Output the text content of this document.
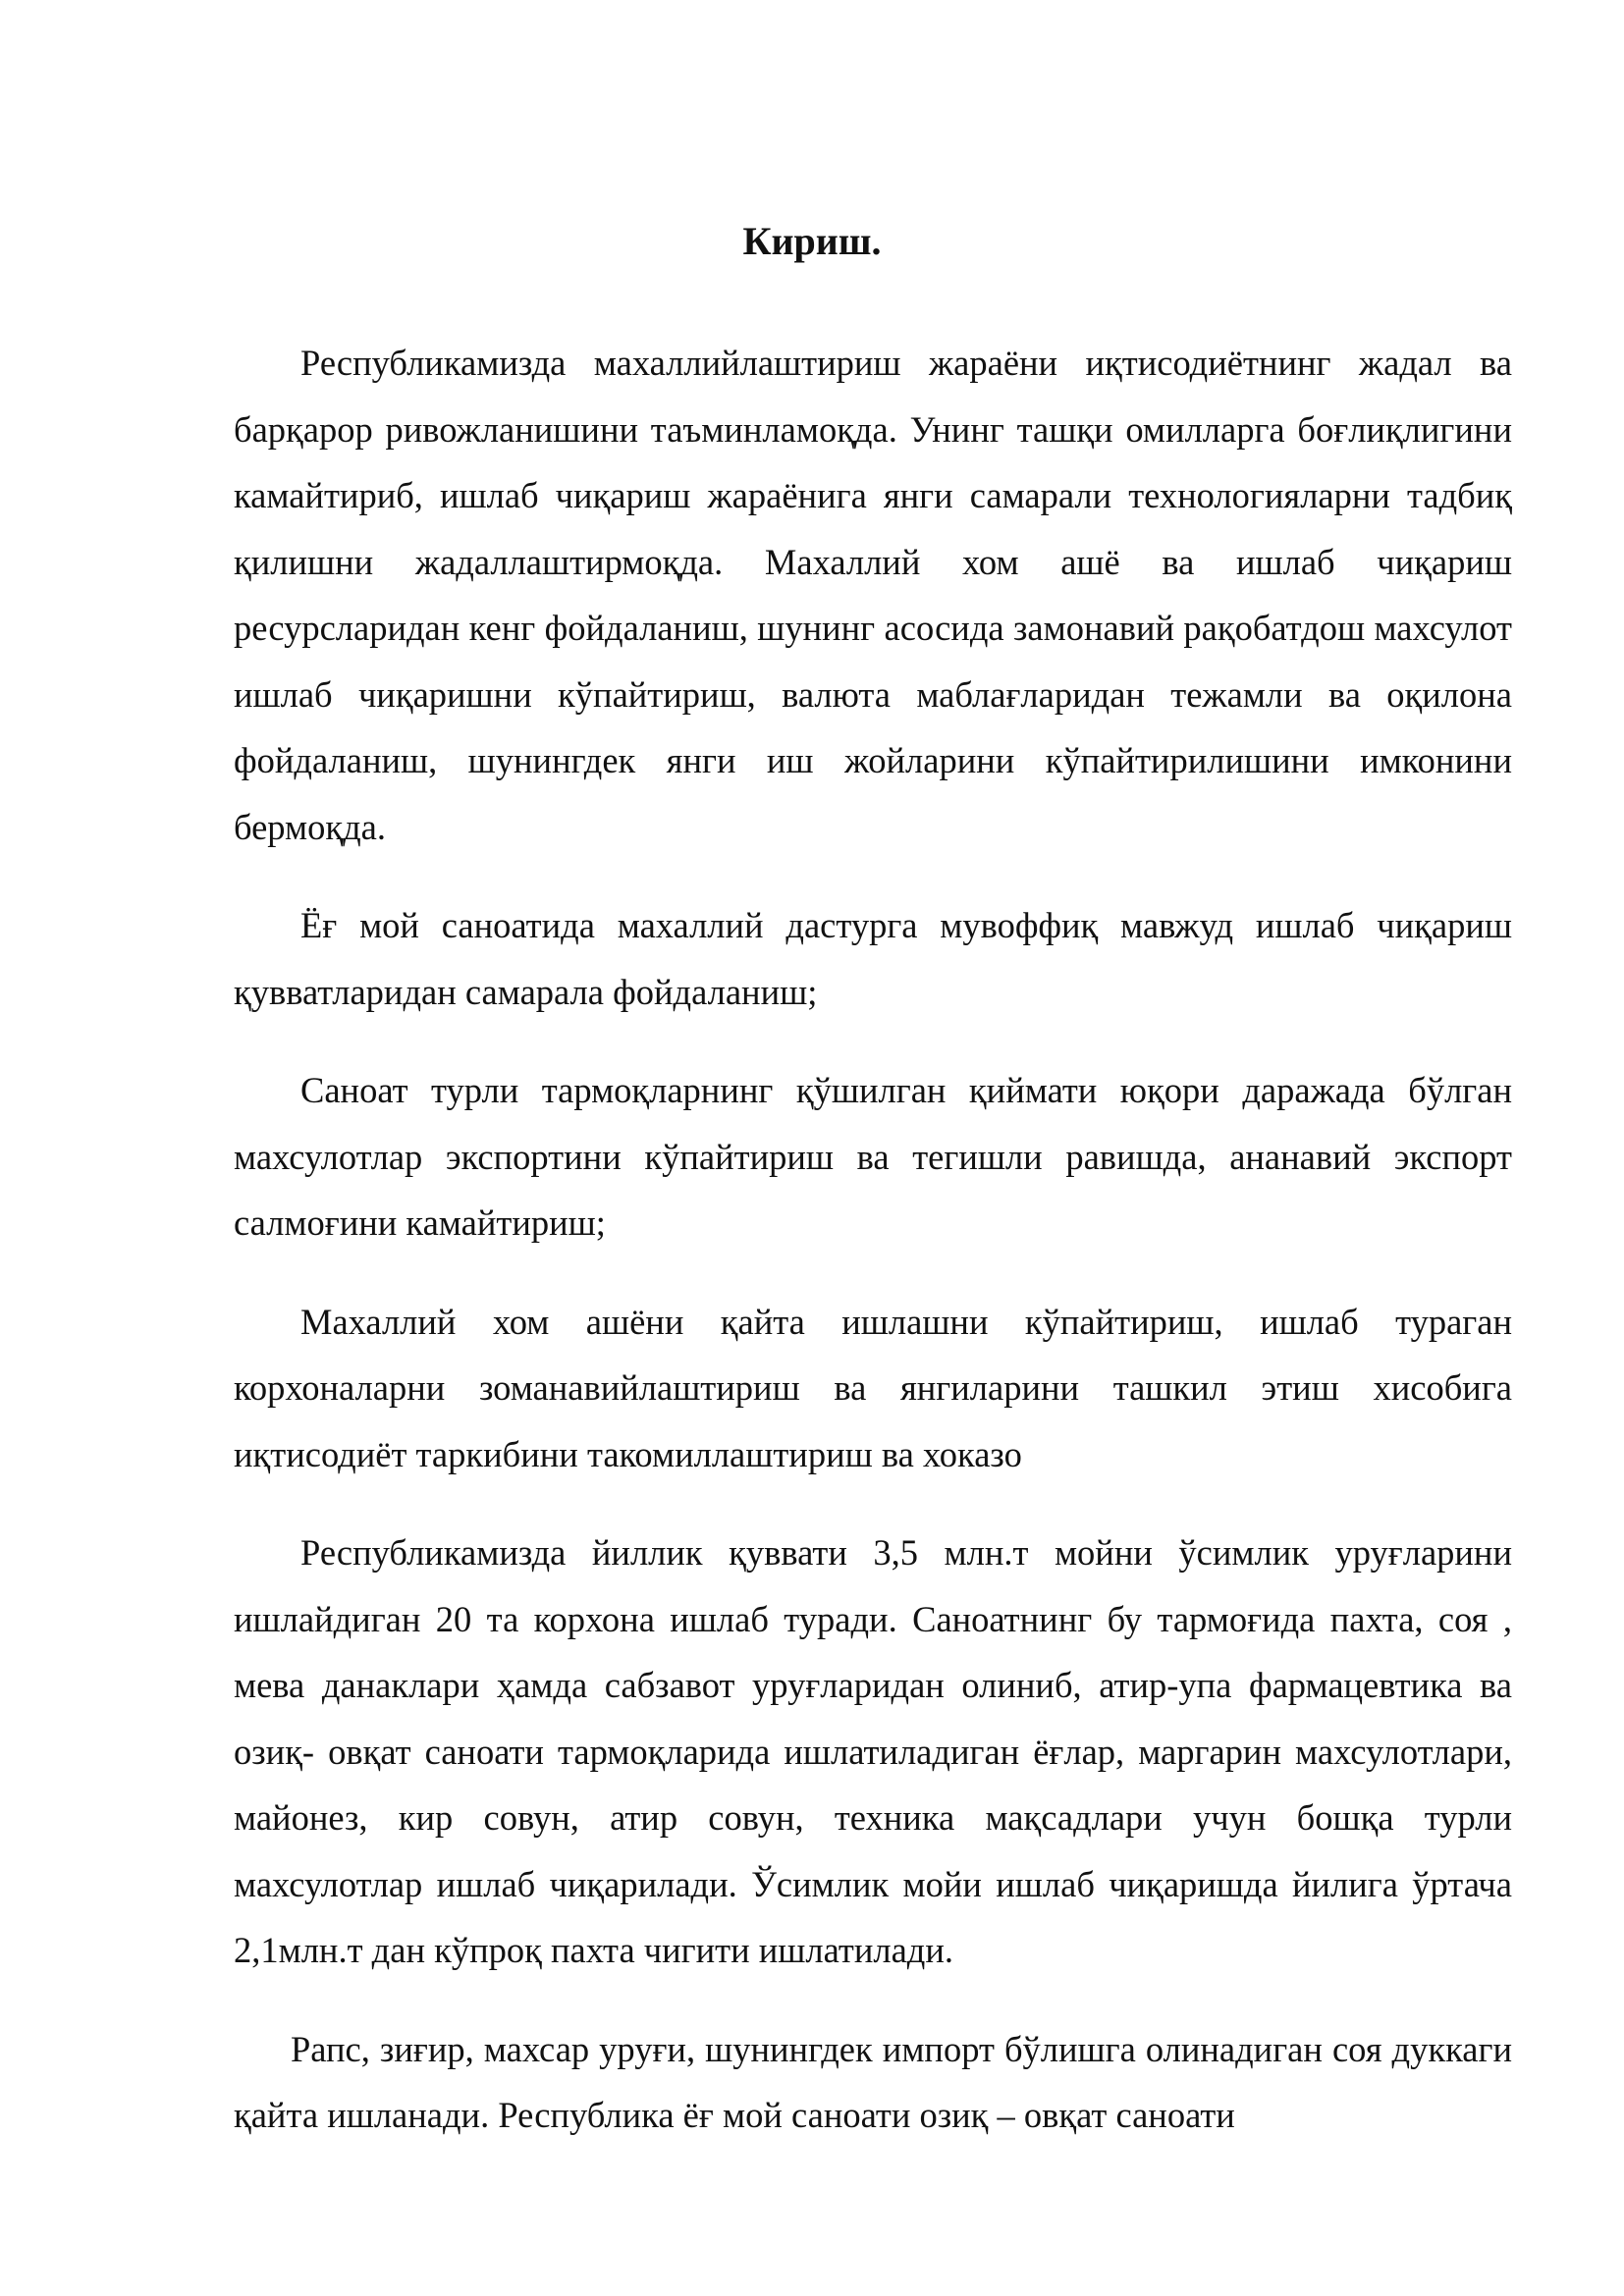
Кириш.

Республикамизда махаллийлаштириш жараёни иқтисодиётнинг жадал ва барқарор ривожланишини таъминламоқда. Унинг ташқи омилларга боғлиқлигини камайтириб, ишлаб чиқариш жараёнига янги самарали технологияларни тадбиқ қилишни жадаллаштирмоқда. Махаллий хом ашё ва ишлаб чиқариш ресурсларидан кенг фойдаланиш, шунинг асосида замонавий рақобатдош махсулот ишлаб чиқаришни кўпайтириш, валюта маблағларидан тежамли ва оқилона фойдаланиш, шунингдек янги иш жойларини кўпайтирилишини имконини бермоқда.

Ёғ мой саноатида махаллий дастурга мувоффиқ мавжуд ишлаб чиқариш қувватларидан самарала фойдаланиш;

Саноат турли тармоқларнинг қўшилган қиймати юқори даражада бўлган махсулотлар экспортини кўпайтириш ва тегишли равишда, ананавий экспорт салмоғини камайтириш;

Махаллий хом ашёни қайта ишлашни кўпайтириш, ишлаб тураган корхоналарни зоманавийлаштириш ва янгиларини ташкил этиш хисобига иқтисодиёт таркибини такомиллаштириш ва хоказо

Республикамизда йиллик қуввати 3,5 млн.т мойни ўсимлик уруғларини ишлайдиган 20 та корхона ишлаб туради. Саноатнинг бу тармоғида пахта, соя , мева данаклари ҳамда сабзавот уруғларидан олиниб, атир-упа фармацевтика ва озиқ- овқат саноати тармоқларида ишлатиладиган ёғлар, маргарин махсулотлари, майонез, кир совун, атир совун, техника мақсадлари учун бошқа турли махсулотлар ишлаб чиқарилади. Ўсимлик мойи ишлаб чиқаришда йилига ўртача 2,1млн.т дан кўпроқ пахта чигити ишлатилади.

Рапс, зиғир, махсар уруғи, шунингдек импорт бўлишга олинадиган соя дуккаги қайта ишланади. Республика ёғ мой саноати озиқ – овқат саноати
